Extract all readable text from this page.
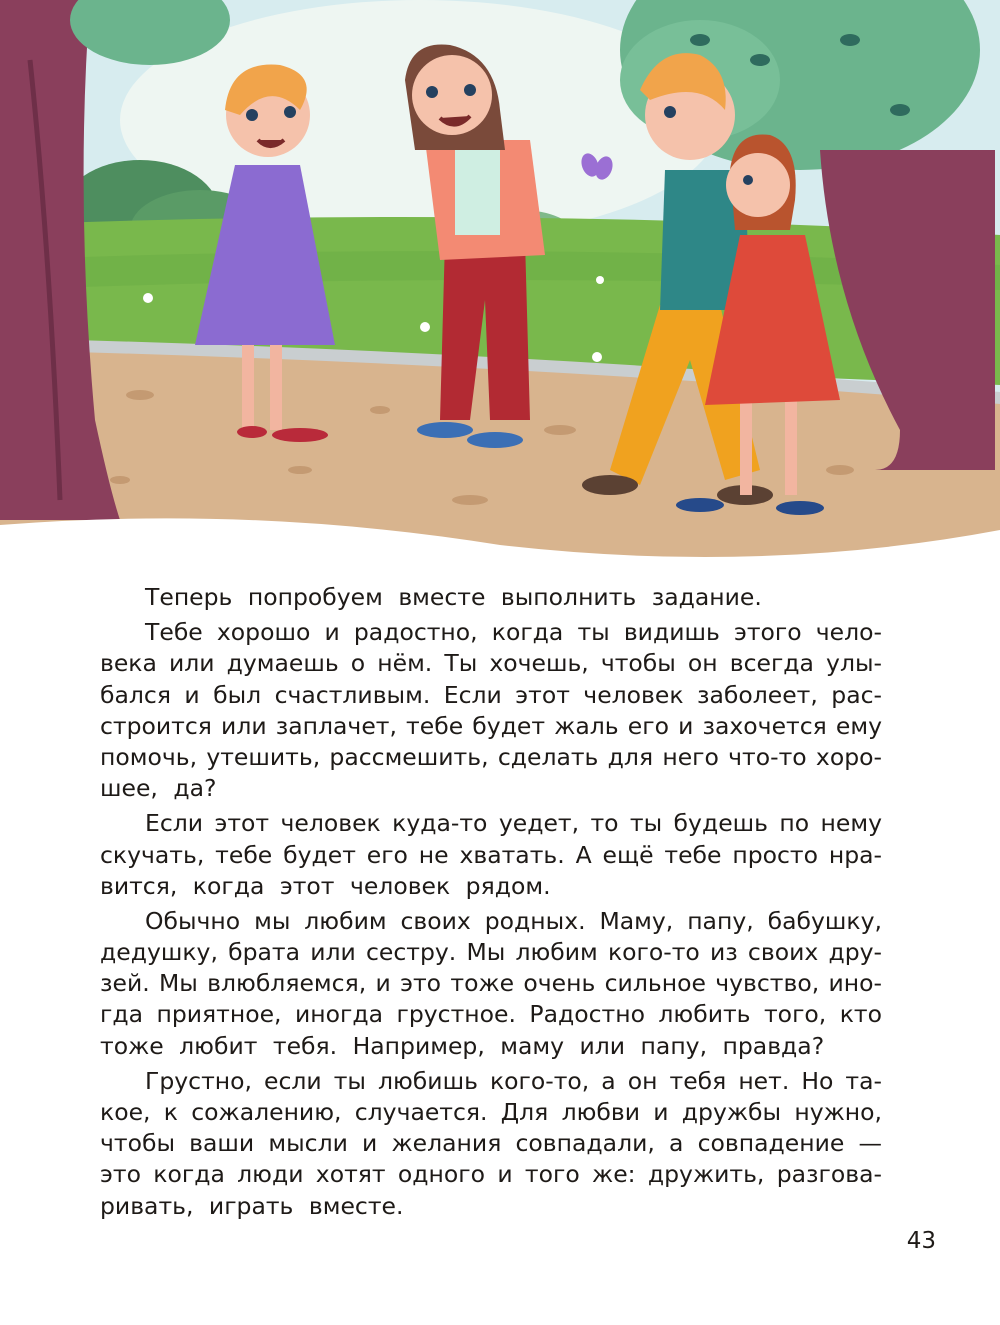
Теперь попробуем вместе выполнить задание.
Тебе хорошо и радостно, когда ты видишь этого чело-
века или думаешь о нём. Ты хочешь, чтобы он всегда улы-
бался и был счастливым. Если этот человек заболеет, рас-
строится или заплачет, тебе будет жаль его и захочется ему
помочь, утешить, рассмешить, сделать для него что-то хоро-
шее, да?
Если этот человек куда-то уедет, то ты будешь по нему
скучать, тебе будет его не хватать. А ещё тебе просто нра-
вится, когда этот человек рядом.
Обычно мы любим своих родных. Маму, папу, бабушку,
дедушку, брата или сестру. Мы любим кого-то из своих дру-
зей. Мы влюбляемся, и это тоже очень сильное чувство, ино-
гда приятное, иногда грустное. Радостно любить того, кто
тоже любит тебя. Например, маму или папу, правда?
Грустно, если ты любишь кого-то, а он тебя нет. Но та-
кое, к сожалению, случается. Для любви и дружбы нужно,
чтобы ваши мысли и желания совпадали, а совпадение —
это когда люди хотят одного и того же: дружить, разгова-
ривать, играть вместе.
43
